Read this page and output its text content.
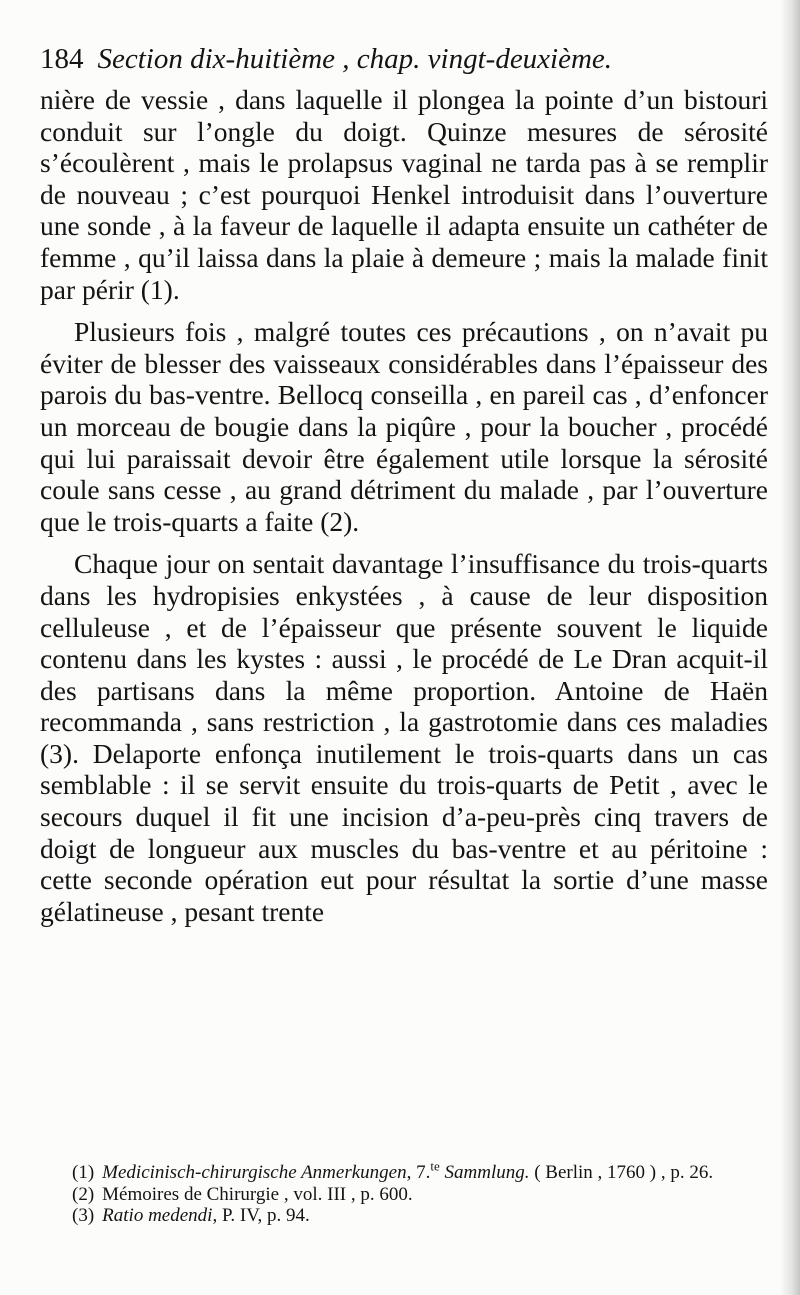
184 Section dix-huitième , chap. vingt-deuxième.

nière de vessie , dans laquelle il plongea la pointe d’un bistouri conduit sur l’ongle du doigt. Quinze mesures de sérosité s’écoulèrent , mais le prolapsus vaginal ne tarda pas à se remplir de nouveau ; c’est pourquoi Henkel introduisit dans l’ouverture une sonde , à la faveur de laquelle il adapta ensuite un cathéter de femme , qu’il laissa dans la plaie à demeure ; mais la malade finit par périr (1).

Plusieurs fois , malgré toutes ces précautions , on n’avait pu éviter de blesser des vaisseaux considérables dans l’épaisseur des parois du bas-ventre. Bellocq conseilla , en pareil cas , d’enfoncer un morceau de bougie dans la piqûre , pour la boucher , procédé qui lui paraissait devoir être également utile lorsque la sérosité coule sans cesse , au grand détriment du malade , par l’ouverture que le trois-quarts a faite (2).

Chaque jour on sentait davantage l’insuffisance du trois-quarts dans les hydropisies enkystées , à cause de leur disposition celluleuse , et de l’épaisseur que présente souvent le liquide contenu dans les kystes : aussi , le procédé de Le Dran acquit-il des partisans dans la même proportion. Antoine de Haën recommanda , sans restriction , la gastrotomie dans ces maladies (3). Delaporte enfonça inutilement le trois-quarts dans un cas semblable : il se servit ensuite du trois-quarts de Petit , avec le secours duquel il fit une incision d’a-peu-près cinq travers de doigt de longueur aux muscles du bas-ventre et au péritoine : cette seconde opération eut pour résultat la sortie d’une masse gélatineuse , pesant trente

(1) Medicinisch-chirurgische Anmerkungen, 7.$^{te}$ Sammlung. ( Berlin , 1760 ) , p. 26.

(2) Mémoires de Chirurgie , vol. III , p. 600.

(3) Ratio medendi, P. IV, p. 94.
